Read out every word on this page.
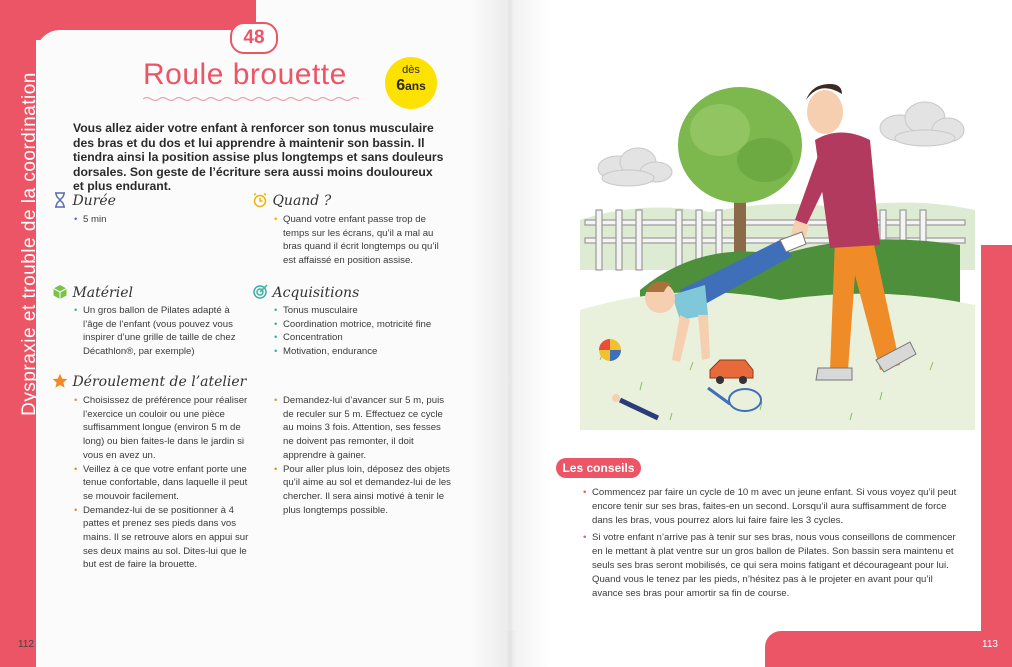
Dyspraxie et trouble de la coordination
48
Roule brouette	dès
6ans
Vous allez aider votre enfant à renforcer son tonus musculaire des bras et du dos et lui apprendre à maintenir son bassin. Il tiendra ainsi la position assise plus longtemps et sans douleurs dorsales. Son geste de l’écriture sera aussi moins douloureux et plus endurant.
Durée
• 5 min
Quand ?
• Quand votre enfant passe trop de temps sur les écrans, qu’il a mal au bras quand il écrit longtemps ou qu’il est affaissé en position assise.
Matériel
• Un gros ballon de Pilates adapté à l’âge de l’enfant (vous pouvez vous inspirer d’une grille de taille de chez Décathlon®, par exemple)
Acquisitions
• Tonus musculaire
• Coordination motrice, motricité fine
• Concentration
• Motivation, endurance
Déroulement de l’atelier
• Choisissez de préférence pour réaliser l’exercice un couloir ou une pièce suffisamment longue (environ 5 m de long) ou bien faites-le dans le jardin si vous en avez un.
• Veillez à ce que votre enfant porte une tenue confortable, dans laquelle il peut se mouvoir facilement.
• Demandez-lui de se positionner à 4 pattes et prenez ses pieds dans vos mains. Il se retrouve alors en appui sur ses deux mains au sol. Dites-lui que le but est de faire la brouette.
• Demandez-lui d’avancer sur 5 m, puis de reculer sur 5 m. Effectuez ce cycle au moins 3 fois. Attention, ses fesses ne doivent pas remonter, il doit apprendre à gainer.
• Pour aller plus loin, déposez des objets qu’il aime au sol et demandez-lui de les chercher. Il sera ainsi motivé à tenir le plus longtemps possible.
112
Les conseils
• Commencez par faire un cycle de 10 m avec un jeune enfant. Si vous voyez qu’il peut encore tenir sur ses bras, faites-en un second. Lorsqu’il aura suffisamment de force dans les bras, vous pourrez alors lui faire faire les 3 cycles.
• Si votre enfant n’arrive pas à tenir sur ses bras, nous vous conseillons de commencer en le mettant à plat ventre sur un gros ballon de Pilates. Son bassin sera maintenu et seuls ses bras seront mobilisés, ce qui sera moins fatigant et décourageant pour lui. Quand vous le tenez par les pieds, n’hésitez pas à le projeter en avant pour qu’il avance ses bras pour amortir sa fin de course.
113
